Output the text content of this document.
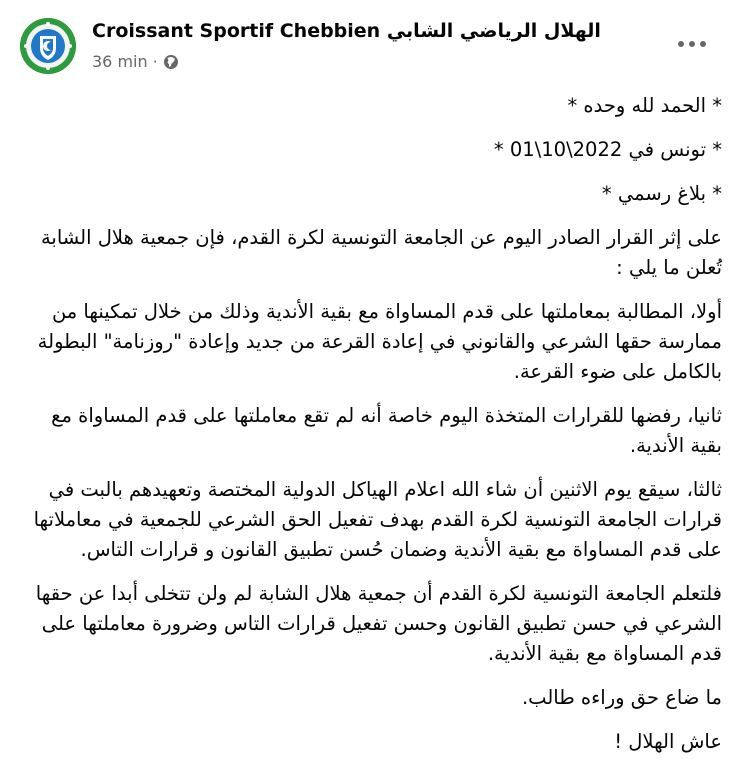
Croissant Sportif Chebbien الهلال الرياضي الشابي
36 min ·

* الحمد لله وحده *

* تونس في 2022\10\01 *

* بلاغ رسمي *

على إثر القرار الصادر اليوم عن الجامعة التونسية لكرة القدم، فإن جمعية هلال الشابة تُعلن ما يلي :

أولا، المطالبة بمعاملتها على قدم المساواة مع بقية الأندية وذلك من خلال تمكينها من ممارسة حقها الشرعي والقانوني في إعادة القرعة من جديد وإعادة "روزنامة" البطولة بالكامل على ضوء القرعة.

ثانيا، رفضها للقرارات المتخذة اليوم خاصة أنه لم تقع معاملتها على قدم المساواة مع بقية الأندية.

ثالثا، سيقع يوم الاثنين أن شاء الله اعلام الهياكل الدولية المختصة وتعهيدهم بالبت في قرارات الجامعة التونسية لكرة القدم بهدف تفعيل الحق الشرعي للجمعية في معاملاتها على قدم المساواة مع بقية الأندية وضمان حُسن تطبيق القانون و قرارات التاس.

فلتعلم الجامعة التونسية لكرة القدم أن جمعية هلال الشابة لم ولن تتخلى أبدا عن حقها الشرعي في حسن تطبيق القانون وحسن تفعيل قرارات التاس وضرورة معاملتها على قدم المساواة مع بقية الأندية.

ما ضاع حق وراءه طالب.

عاش الهلال !
